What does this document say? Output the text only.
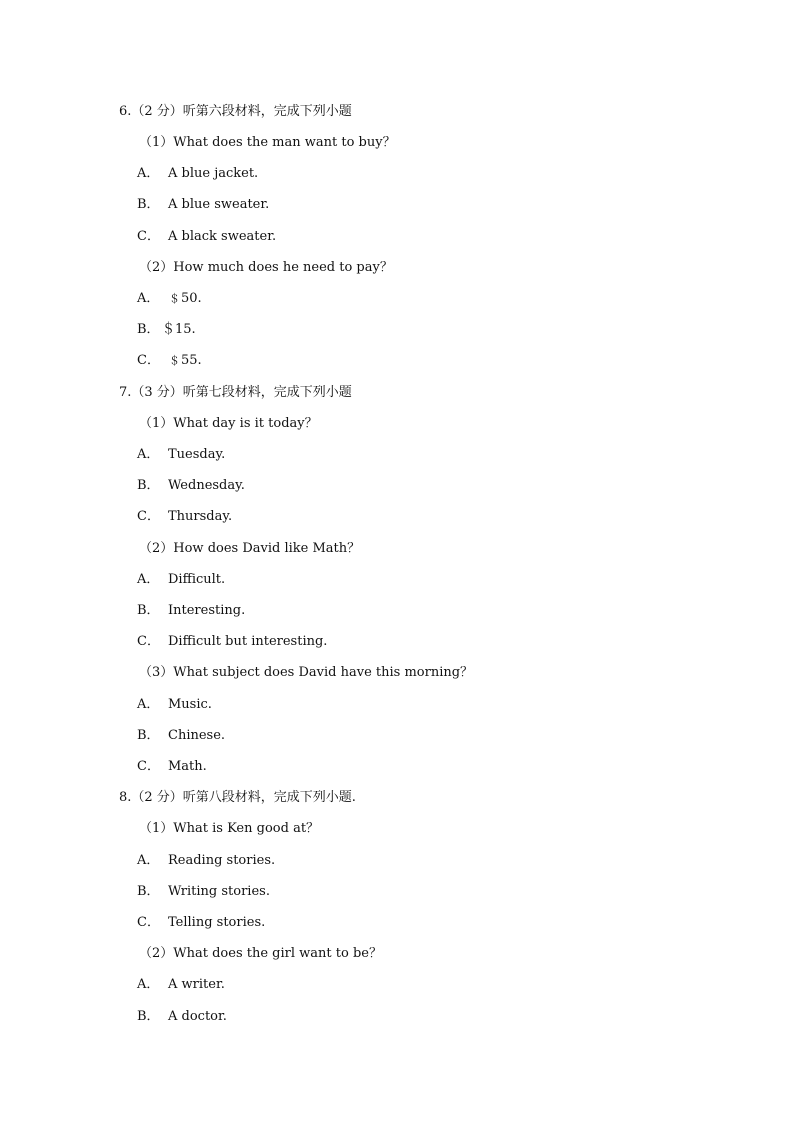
6.（2 分）听第六段材料，完成下列小题
（1）What does the man want to buy？
A． A blue jacket.
B． A blue sweater.
C． A black sweater.
（2）How much does he need to pay？
A． ﹩50.
B． ＄15.
C． ﹩55.
7.（3 分）听第七段材料，完成下列小题
（1）What day is it today？
A． Tuesday.
B． Wednesday.
C． Thursday.
（2）How does David like Math？
A． Difficult.
B． Interesting.
C． Difficult but interesting.
（3）What subject does David have this morning？
A． Music.
B． Chinese.
C． Math.
8.（2 分）听第八段材料，完成下列小题.
（1）What is Ken good at？
A． Reading stories.
B． Writing stories.
C． Telling stories.
（2）What does the girl want to be？
A． A writer.
B． A doctor.
